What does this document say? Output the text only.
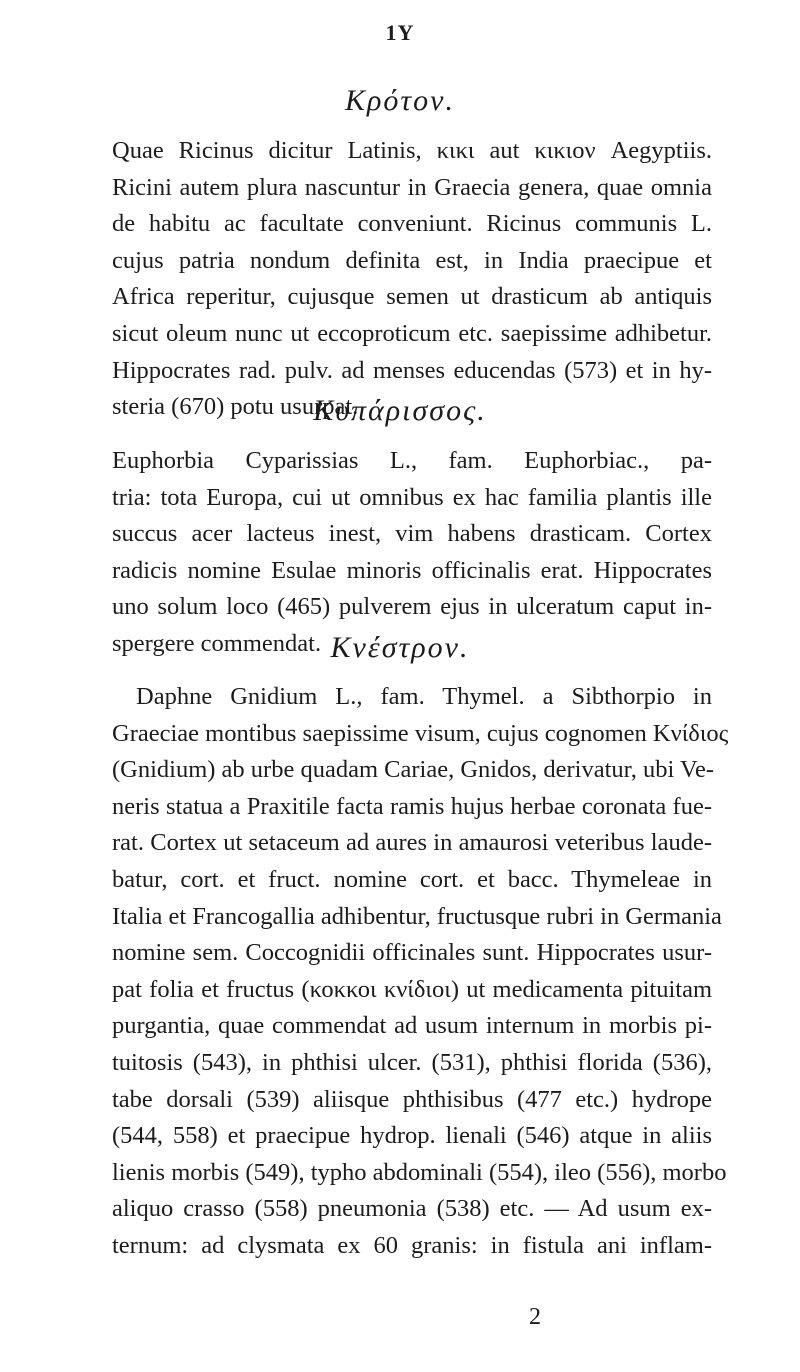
1Y
Κρότον.
Quae Ricinus dicitur Latinis, κικι aut κικιον Aegyptiis.
Ricini autem plura nascuntur in Graecia genera, quae omnia
de habitu ac facultate conveniunt. Ricinus communis L.
cujus patria nondum definita est, in India praecipue et
Africa reperitur, cujusque semen ut drasticum ab antiquis
sicut oleum nunc ut eccoproticum etc. saepissime adhibetur.
Hippocrates rad. pulv. ad menses educendas (573) et in hy-
steria (670) potu usurpat.
Κυπάρισσος.
Euphorbia Cyparissias L., fam. Euphorbiac., pa-
tria: tota Europa, cui ut omnibus ex hac familia plantis ille
succus acer lacteus inest, vim habens drasticam. Cortex
radicis nomine Esulae minoris officinalis erat. Hippocrates
uno solum loco (465) pulverem ejus in ulceratum caput in-
spergere commendat. Κνέστρον.
Daphne Gnidium L., fam. Thymel. a Sibthorpio in
Graeciae montibus saepissime visum, cujus cognomen Κνίδιος
(Gnidium) ab urbe quadam Cariae, Gnidos, derivatur, ubi Ve-
neris statua a Praxitile facta ramis hujus herbae coronata fue-
rat. Cortex ut setaceum ad aures in amaurosi veteribus laude-
batur, cort. et fruct. nomine cort. et bacc. Thymeleae in
Italia et Francogallia adhibentur, fructusque rubri in Germania
nomine sem. Coccognidii officinales sunt. Hippocrates usur-
pat folia et fructus (κοκκοι κνίδιοι) ut medicamenta pituitam
purgantia, quae commendat ad usum internum in morbis pi-
tuitosis (543), in phthisi ulcer. (531), phthisi florida (536),
tabe dorsali (539) aliisque phthisibus (477 etc.) hydrope
(544, 558) et praecipue hydrop. lienali (546) atque in aliis
lienis morbis (549), typho abdominali (554), ileo (556), morbo
aliquo crasso (558) pneumonia (538) etc. — Ad usum ex-
ternum: ad clysmata ex 60 granis: in fistula ani inflam-
2
